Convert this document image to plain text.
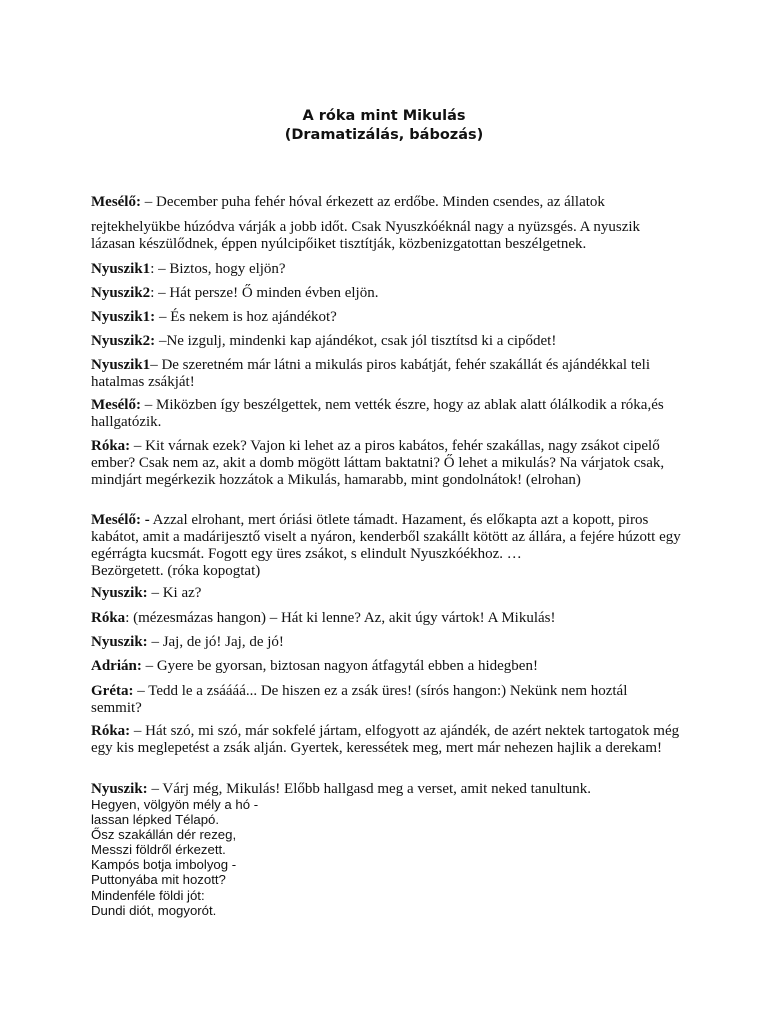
A róka mint Mikulás
(Dramatizálás, bábozás)

Mesélő: – December puha fehér hóval érkezett az erdőbe. Minden csendes, az állatok

rejtekhelyükbe húzódva várják a jobb időt. Csak Nyuszkóéknál nagy a nyüzsgés. A nyuszik lázasan készülődnek, éppen nyúlcipőiket tisztítják, közbenizgatottan beszélgetnek.

Nyuszik1: – Biztos, hogy eljön?

Nyuszik2: – Hát persze! Ő minden évben eljön.

Nyuszik1: – És nekem is hoz ajándékot?

Nyuszik2: –Ne izgulj, mindenki kap ajándékot, csak jól tisztítsd ki a cipődet!

Nyuszik1– De szeretném már látni a mikulás piros kabátját, fehér szakállát és ajándékkal teli hatalmas zsákját!

Mesélő: – Miközben így beszélgettek, nem vették észre, hogy az ablak alatt ólálkodik a róka,és hallgatózik.

Róka: – Kit várnak ezek? Vajon ki lehet az a piros kabátos, fehér szakállas, nagy zsákot cipelő ember? Csak nem az, akit a domb mögött láttam baktatni? Ő lehet a mikulás? Na várjatok csak, mindjárt megérkezik hozzátok a Mikulás, hamarabb, mint gondolnátok! (elrohan)

Mesélő: - Azzal elrohant, mert óriási ötlete támadt. Hazament, és előkapta azt a kopott, piros kabátot, amit a madárijesztő viselt a nyáron, kenderből szakállt kötött az állára, a fejére húzott egy egérrágta kucsmát. Fogott egy üres zsákot, s elindult Nyuszkóékhoz. …
Bezörgetett. (róka kopogtat)

Nyuszik: – Ki az?

Róka: (mézesmázas hangon) – Hát ki lenne? Az, akit úgy vártok! A Mikulás!

Nyuszik: – Jaj, de jó! Jaj, de jó!

Adrián: – Gyere be gyorsan, biztosan nagyon átfagytál ebben a hidegben!

Gréta: – Tedd le a zsáááá... De hiszen ez a zsák üres! (sírós hangon:) Nekünk nem hoztál semmit?

Róka: – Hát szó, mi szó, már sokfelé jártam, elfogyott az ajándék, de azért nektek tartogatok még egy kis meglepetést a zsák alján. Gyertek, keressétek meg, mert már nehezen hajlik a derekam!

Nyuszik: – Várj még, Mikulás! Előbb hallgasd meg a verset, amit neked tanultunk.

Hegyen, völgyön mély a hó -
lassan lépked Télapó.
Ősz szakállán dér rezeg,
Messzi földről érkezett.
Kampós botja imbolyog -
Puttonyába mit hozott?
Mindenféle földi jót:
Dundi diót, mogyorót.
